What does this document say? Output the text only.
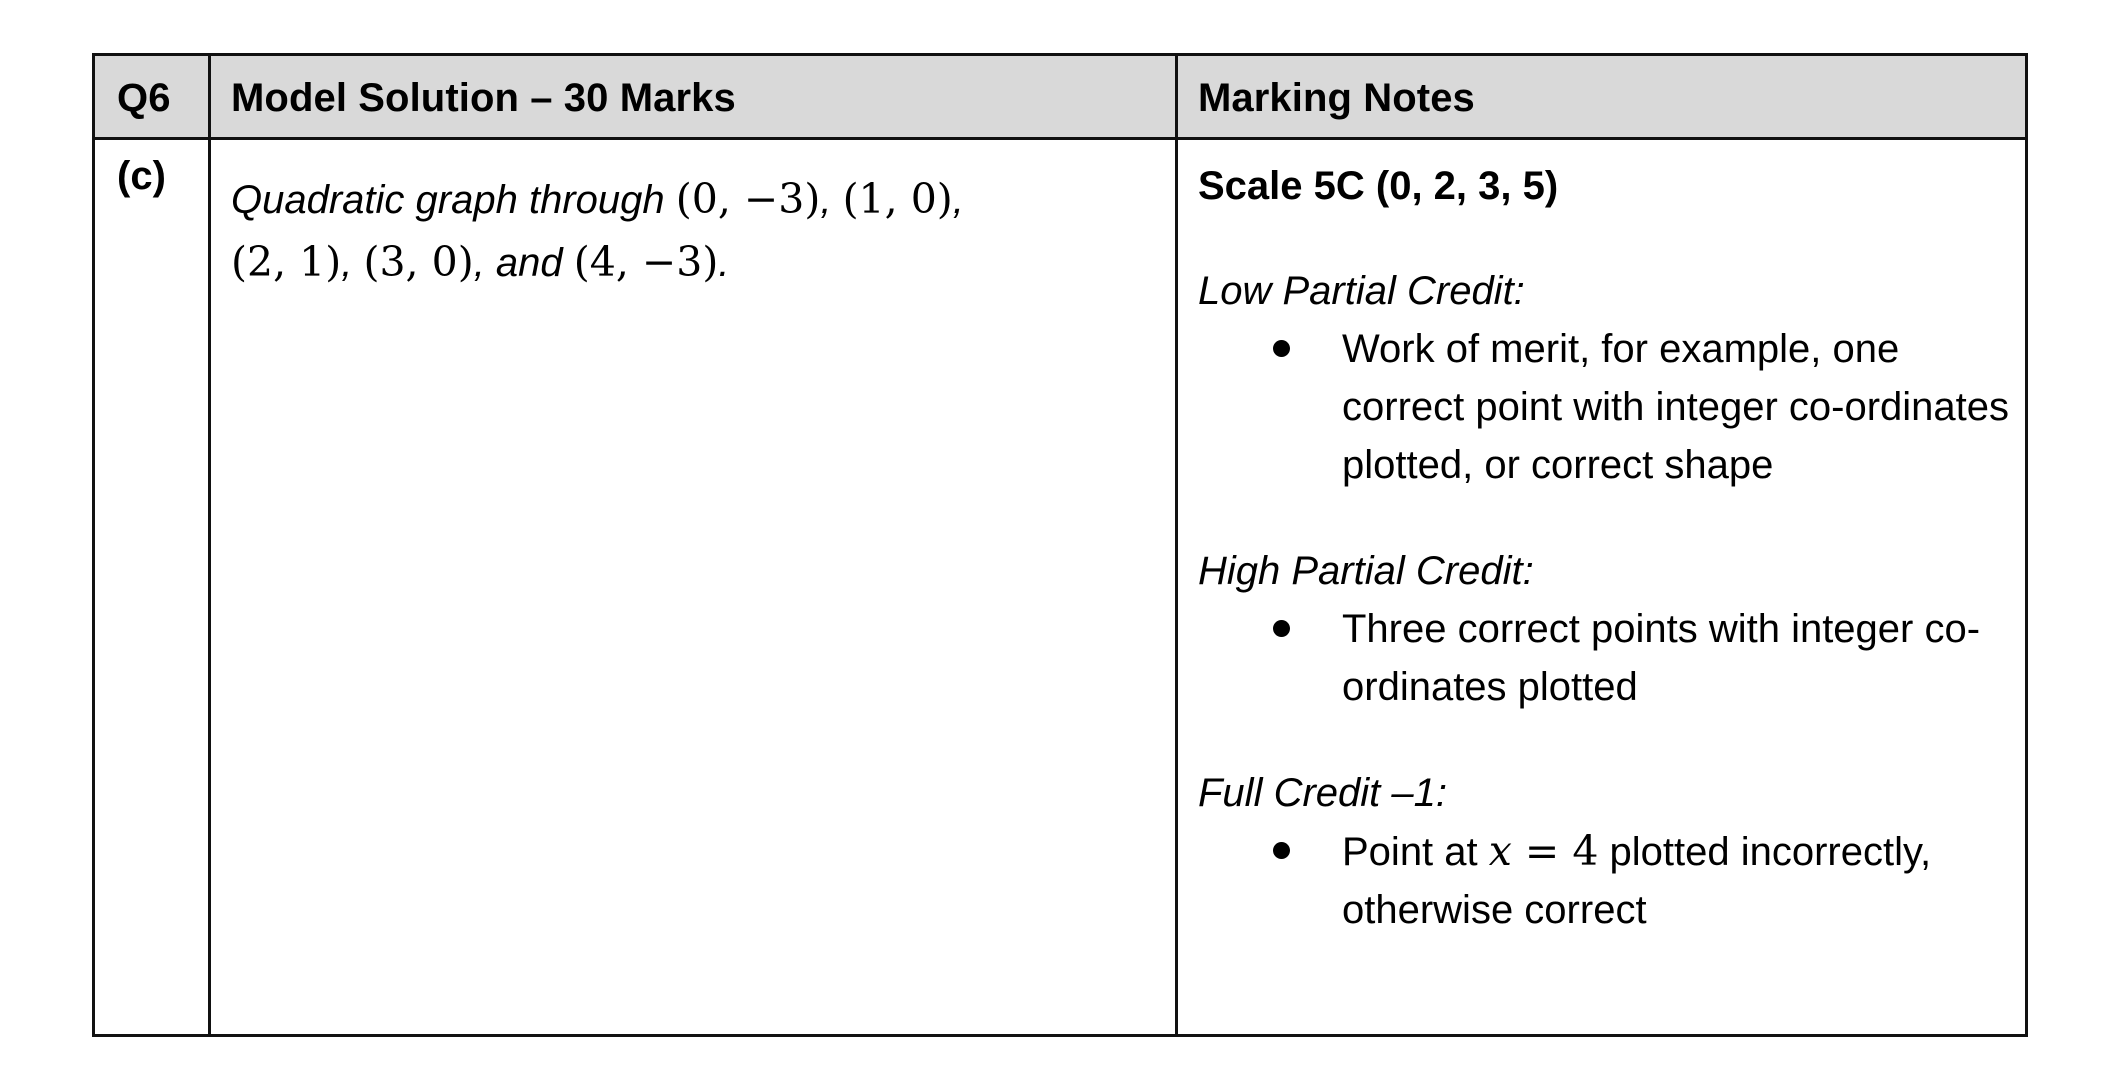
Q6	Model Solution – 30 Marks	Marking Notes
(c)
Quadratic graph through (0, −3), (1, 0),
(2, 1), (3, 0), and (4, −3).

Scale 5C (0, 2, 3, 5)

Low Partial Credit:

Work of merit, for example, one correct point with integer co-ordinates plotted, or correct shape

High Partial Credit:

Three correct points with integer co-ordinates plotted

Full Credit –1:

Point at x = 4 plotted incorrectly, otherwise correct
